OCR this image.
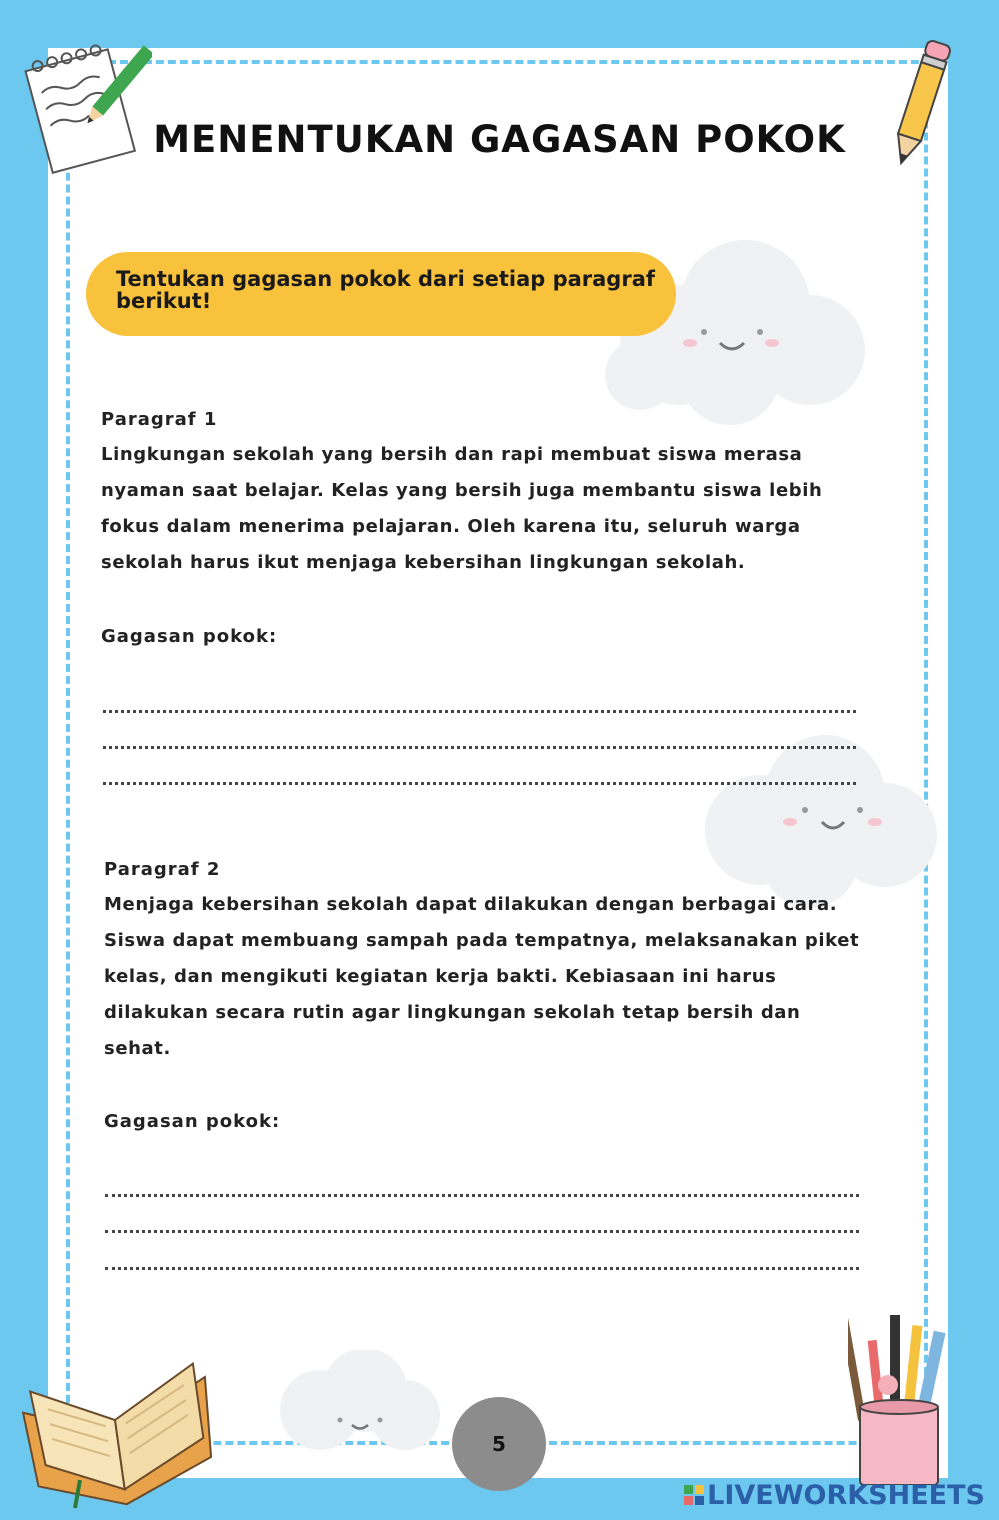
MENENTUKAN GAGASAN POKOK
Tentukan gagasan pokok dari setiap paragraf berikut!
Paragraf 1
Lingkungan sekolah yang bersih dan rapi membuat siswa merasa nyaman saat belajar. Kelas yang bersih juga membantu siswa lebih fokus dalam menerima pelajaran. Oleh karena itu, seluruh warga sekolah harus ikut menjaga kebersihan lingkungan sekolah.
Gagasan pokok:
Paragraf 2
Menjaga kebersihan sekolah dapat dilakukan dengan berbagai cara. Siswa dapat membuang sampah pada tempatnya, melaksanakan piket kelas, dan mengikuti kegiatan kerja bakti. Kebiasaan ini harus dilakukan secara rutin agar lingkungan sekolah tetap bersih dan sehat.
Gagasan pokok:
5
LIVEWORKSHEETS
